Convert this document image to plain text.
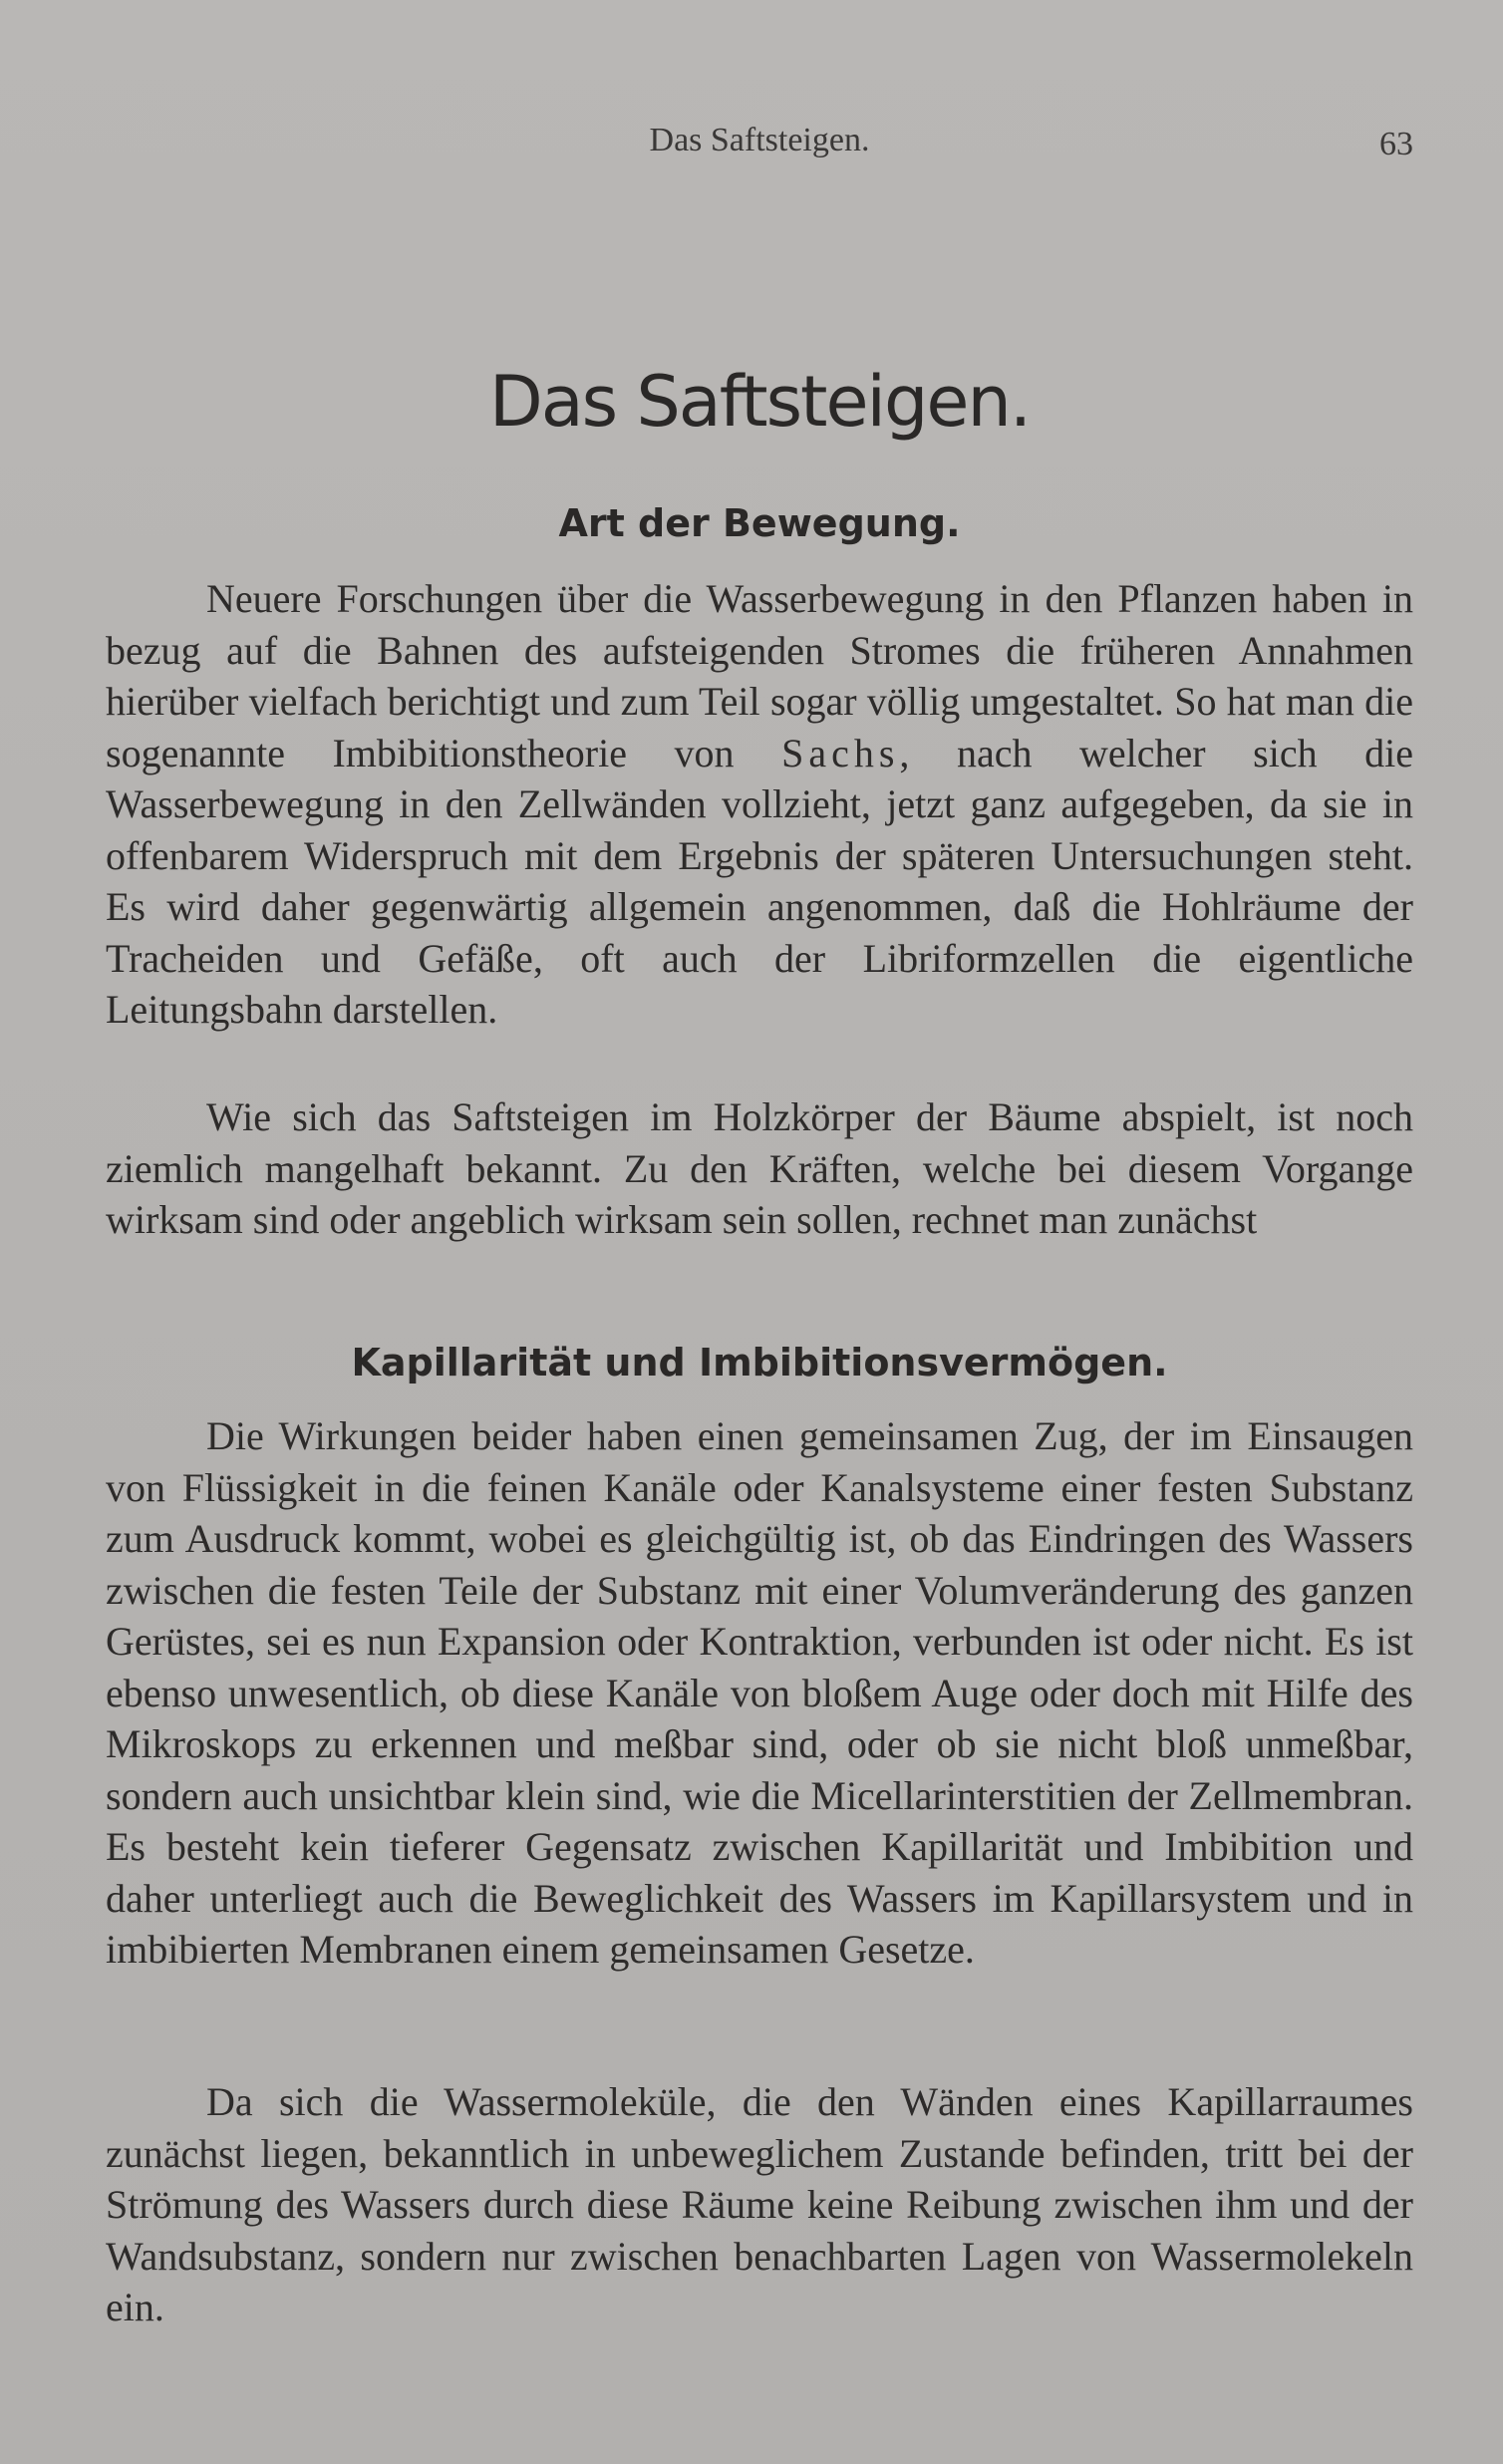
Das Saftsteigen.	63
Das Saftsteigen.
Art der Bewegung.

Neuere Forschungen über die Wasserbewegung in den Pflanzen haben in bezug auf die Bahnen des aufsteigenden Stromes die früheren Annahmen hierüber vielfach berichtigt und zum Teil sogar völlig umgestaltet. So hat man die sogenannte Imbibitionstheorie von Sachs, nach welcher sich die Wasserbewegung in den Zellwänden vollzieht, jetzt ganz aufgegeben, da sie in offenbarem Widerspruch mit dem Ergebnis der späteren Untersuchungen steht. Es wird daher gegenwärtig allgemein angenommen, daß die Hohlräume der Tracheiden und Gefäße, oft auch der Libriformzellen die eigentliche Leitungsbahn darstellen.

Wie sich das Saftsteigen im Holzkörper der Bäume abspielt, ist noch ziemlich mangelhaft bekannt. Zu den Kräften, welche bei diesem Vorgange wirksam sind oder angeblich wirksam sein sollen, rechnet man zunächst

Kapillarität und Imbibitionsvermögen.

Die Wirkungen beider haben einen gemeinsamen Zug, der im Einsaugen von Flüssigkeit in die feinen Kanäle oder Kanalsysteme einer festen Substanz zum Ausdruck kommt, wobei es gleichgültig ist, ob das Eindringen des Wassers zwischen die festen Teile der Substanz mit einer Volumveränderung des ganzen Gerüstes, sei es nun Expansion oder Kontraktion, verbunden ist oder nicht. Es ist ebenso unwesentlich, ob diese Kanäle von bloßem Auge oder doch mit Hilfe des Mikroskops zu erkennen und meßbar sind, oder ob sie nicht bloß unmeßbar, sondern auch unsichtbar klein sind, wie die Micellarinterstitien der Zellmembran. Es besteht kein tieferer Gegensatz zwischen Kapillarität und Imbibition und daher unterliegt auch die Beweglichkeit des Wassers im Kapillarsystem und in imbibierten Membranen einem gemeinsamen Gesetze.

Da sich die Wassermoleküle, die den Wänden eines Kapillarraumes zunächst liegen, bekanntlich in unbeweglichem Zustande befinden, tritt bei der Strömung des Wassers durch diese Räume keine Reibung zwischen ihm und der Wandsubstanz, sondern nur zwischen benachbarten Lagen von Wassermolekeln ein.
